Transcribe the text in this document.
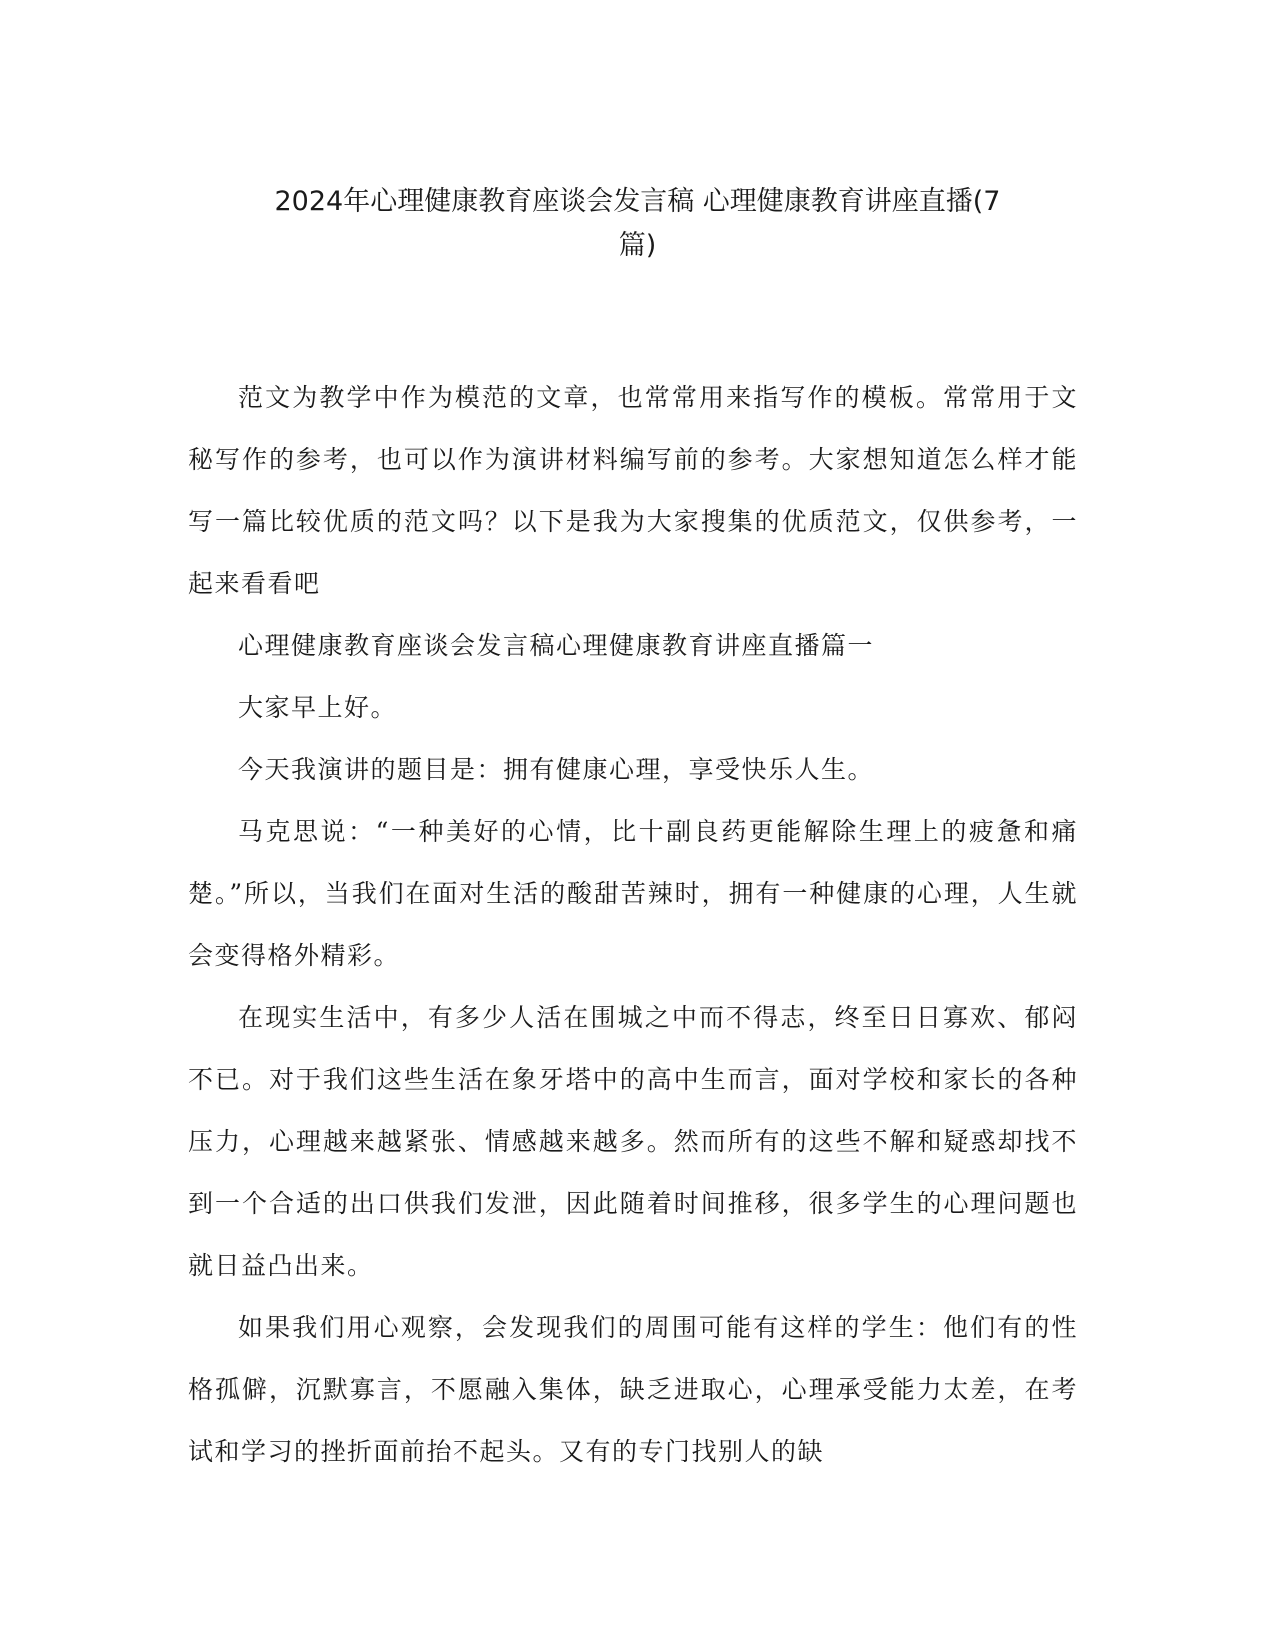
2024年心理健康教育座谈会发言稿 心理健康教育讲座直播(7
篇)

范文为教学中作为模范的文章，也常常用来指写作的模板。常常用于文秘写作的参考，也可以作为演讲材料编写前的参考。大家想知道怎么样才能写一篇比较优质的范文吗？以下是我为大家搜集的优质范文，仅供参考，一起来看看吧

心理健康教育座谈会发言稿心理健康教育讲座直播篇一

大家早上好。

今天我演讲的题目是：拥有健康心理，享受快乐人生。

马克思说：“一种美好的心情，比十副良药更能解除生理上的疲惫和痛楚。”所以，当我们在面对生活的酸甜苦辣时，拥有一种健康的心理，人生就会变得格外精彩。

在现实生活中，有多少人活在围城之中而不得志，终至日日寡欢、郁闷不已。对于我们这些生活在象牙塔中的高中生而言，面对学校和家长的各种压力，心理越来越紧张、情感越来越多。然而所有的这些不解和疑惑却找不到一个合适的出口供我们发泄，因此随着时间推移，很多学生的心理问题也就日益凸出来。

如果我们用心观察，会发现我们的周围可能有这样的学生：他们有的性格孤僻，沉默寡言，不愿融入集体，缺乏进取心，心理承受能力太差，在考试和学习的挫折面前抬不起头。又有的专门找别人的缺
